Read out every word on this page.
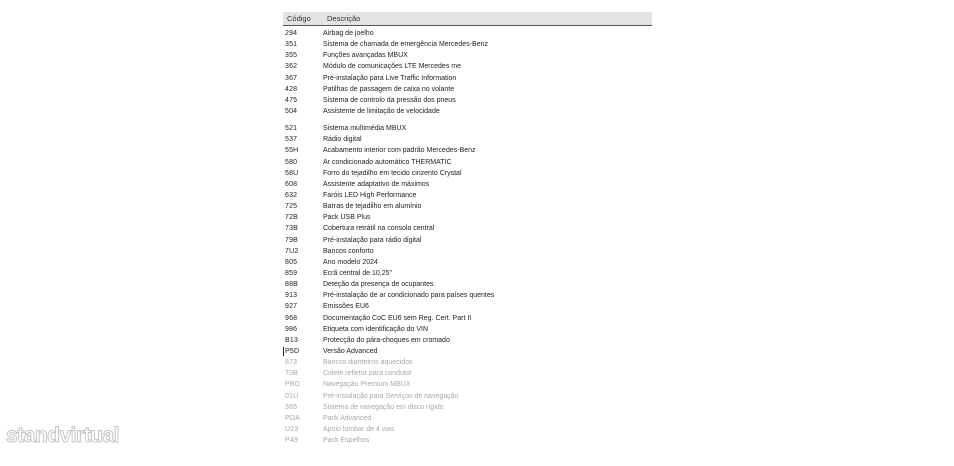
Código	Descrição
294	Airbag de joelho
351	Sistema de chamada de emergência Mercedes-Benz
355	Funções avançadas MBUX
362	Módulo de comunicações LTE Mercedes me
367	Pré-instalação para Live Traffic Information
428	Patilhas de passagem de caixa no volante
475	Sistema de controlo da pressão dos pneus
504	Assistente de limitação de velocidade
521	Sistema multimédia MBUX
537	Rádio digital
55H	Acabamento interior com padrão Mercedes-Benz
580	Ar condicionado automático THERMATIC
58U	Forro do tejadilho em tecido cinzento Crystal
608	Assistente adaptativo de máximos
632	Faróis LED High Performance
725	Barras de tejadilho em alumínio
72B	Pack USB Plus
73B	Cobertura retrátil na consola central
79B	Pré-instalação para rádio digital
7U2	Bancos conforto
805	Ano modelo 2024
859	Ecrã central de 10,25"
88B	Deteção da presença de ocupantes
913	Pré-instalação de ar condicionado para países quentes
927	Emissões EU6
968	Documentação CoC EU6 sem Reg. Cert. Part II
986	Etiqueta com identificação do VIN
B13	Protecção do pára-choques em cromado
P5D	Versão Advanced
873	Bancos dianteiros aquecidos
70B	Colete refletor para condutor
PBG	Navegação Premium MBUX
01U	Pré-instalação para Serviços de navegação
365	Sistema de navegação em disco rígido
PDA	Pack Advanced
U23	Apoio lombar de 4 vias
P49	Pack Espelhos
standvirtual
